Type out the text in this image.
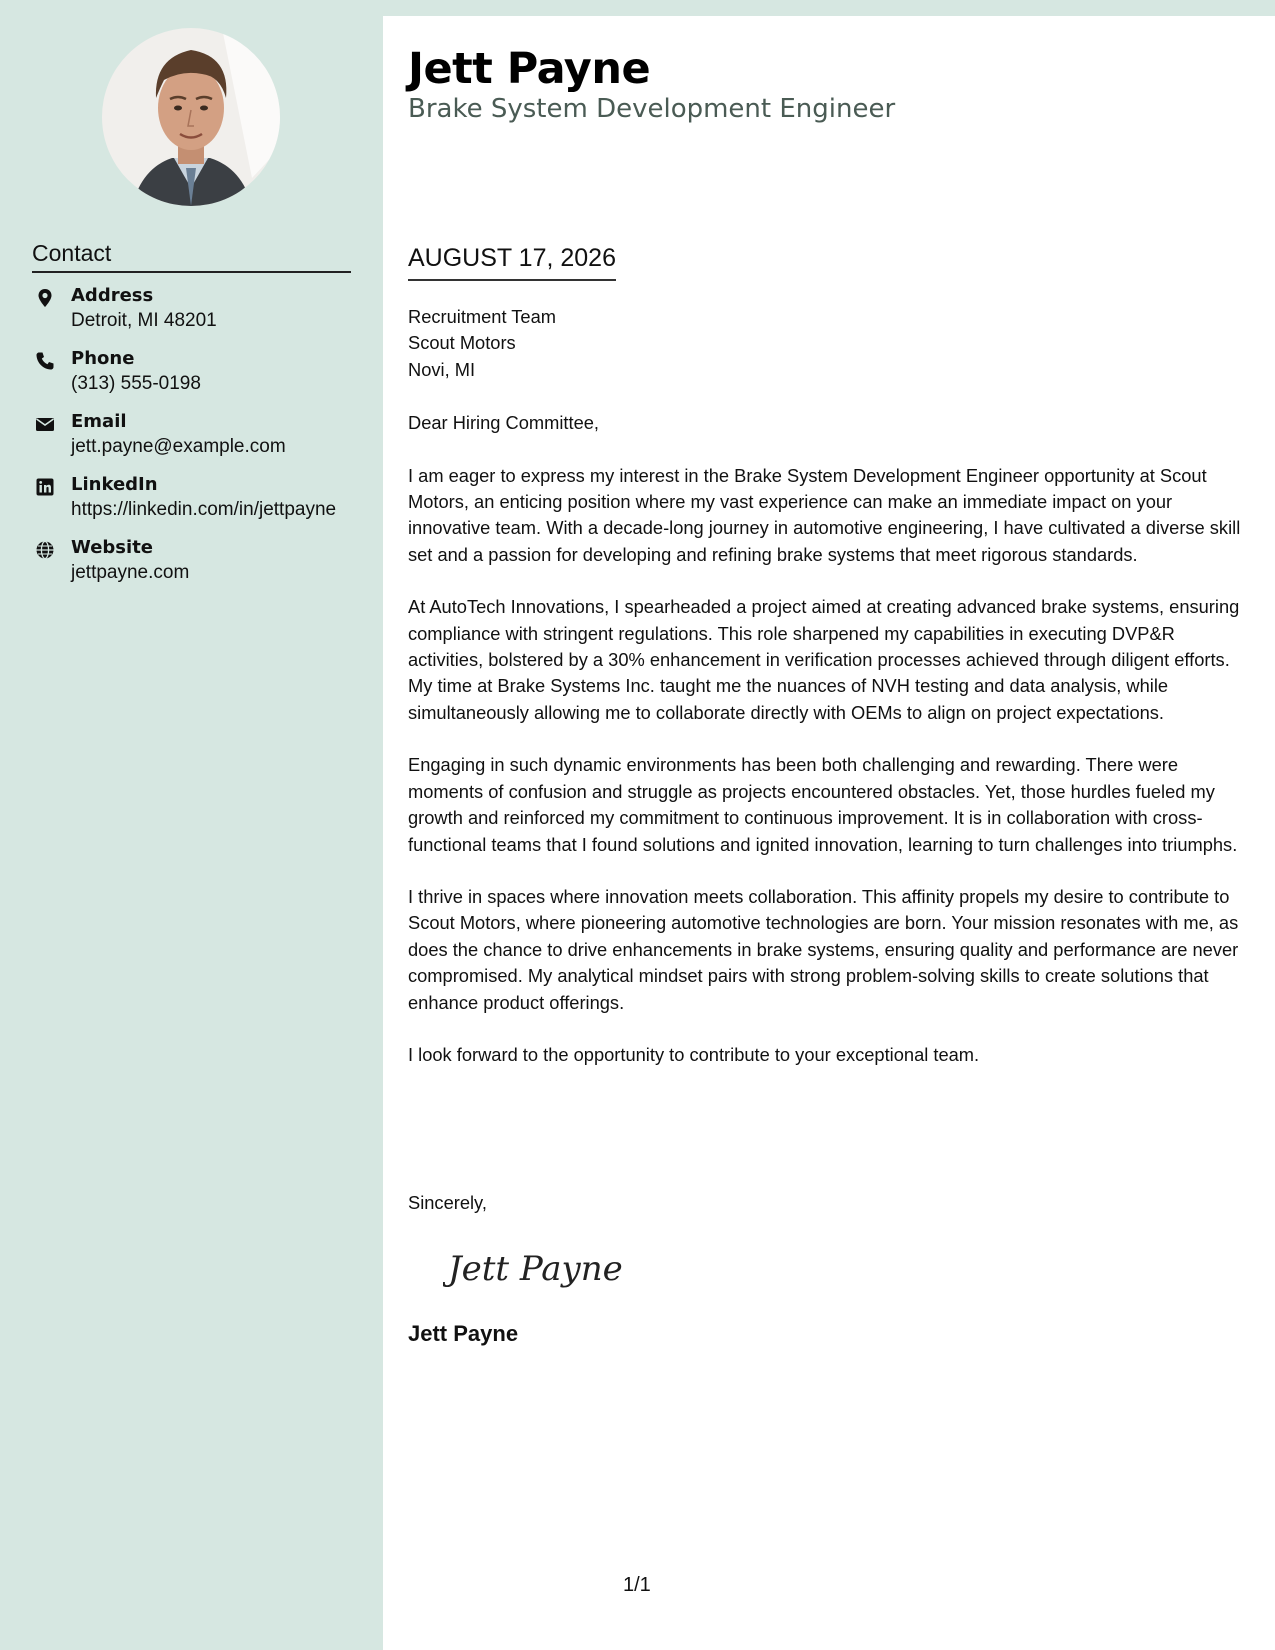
Contact
Address
Detroit, MI 48201
Phone
(313) 555-0198
Email
jett.payne@example.com
LinkedIn
https://linkedin.com/in/jettpayne
Website
jettpayne.com
Jett Payne
Brake System Development Engineer
AUGUST 17, 2026

Recruitment Team

Scout Motors

Novi, MI

Dear Hiring Committee,

I am eager to express my interest in the Brake System Development Engineer opportunity at Scout Motors, an enticing position where my vast experience can make an immediate impact on your innovative team. With a decade-long journey in automotive engineering, I have cultivated a diverse skill set and a passion for developing and refining brake systems that meet rigorous standards.

At AutoTech Innovations, I spearheaded a project aimed at creating advanced brake systems, ensuring compliance with stringent regulations. This role sharpened my capabilities in executing DVP&R activities, bolstered by a 30% enhancement in verification processes achieved through diligent efforts. My time at Brake Systems Inc. taught me the nuances of NVH testing and data analysis, while simultaneously allowing me to collaborate directly with OEMs to align on project expectations.

Engaging in such dynamic environments has been both challenging and rewarding. There were moments of confusion and struggle as projects encountered obstacles. Yet, those hurdles fueled my growth and reinforced my commitment to continuous improvement. It is in collaboration with cross-functional teams that I found solutions and ignited innovation, learning to turn challenges into triumphs.

I thrive in spaces where innovation meets collaboration. This affinity propels my desire to contribute to Scout Motors, where pioneering automotive technologies are born. Your mission resonates with me, as does the chance to drive enhancements in brake systems, ensuring quality and performance are never compromised. My analytical mindset pairs with strong problem-solving skills to create solutions that enhance product offerings.

I look forward to the opportunity to contribute to your exceptional team.

Sincerely,
Jett Payne
Jett Payne
1/1
